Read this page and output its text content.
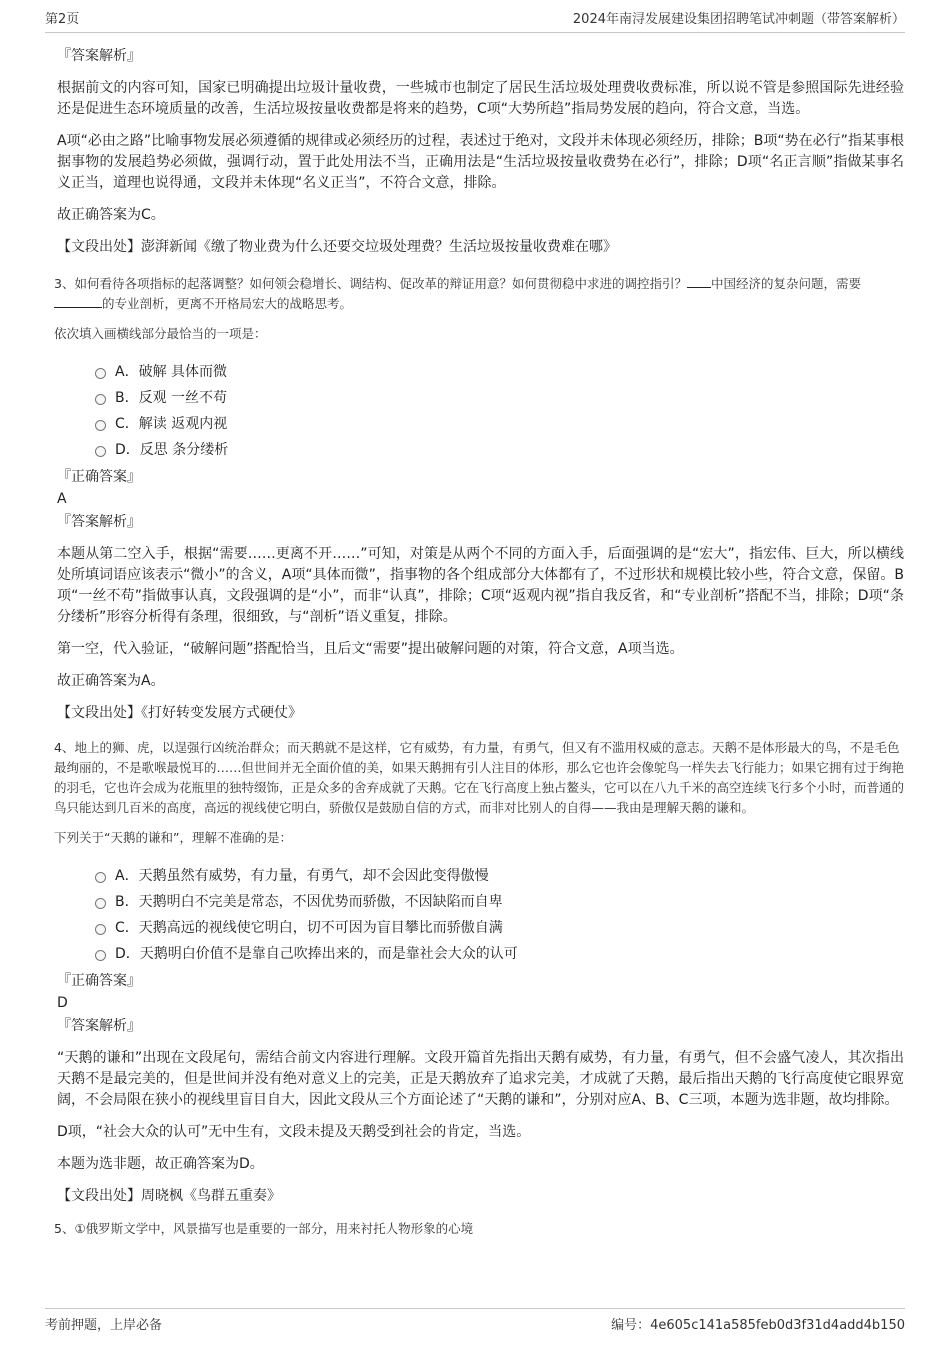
第2页	2024年南浔发展建设集团招聘笔试冲刺题（带答案解析）
『答案解析』

根据前文的内容可知，国家已明确提出垃圾计量收费，一些城市也制定了居民生活垃圾处理费收费标准，所以说不管是参照国际先进经验还是促进生态环境质量的改善，生活垃圾按量收费都是将来的趋势，C项“大势所趋”指局势发展的趋向，符合文意，当选。

A项“必由之路”比喻事物发展必须遵循的规律或必须经历的过程，表述过于绝对，文段并未体现必须经历，排除；B项“势在必行”指某事根据事物的发展趋势必须做，强调行动，置于此处用法不当，正确用法是“生活垃圾按量收费势在必行”，排除；D项“名正言顺”指做某事名义正当，道理也说得通，文段并未体现“名义正当”，不符合文意，排除。

故正确答案为C。

【文段出处】澎湃新闻《缴了物业费为什么还要交垃圾处理费？生活垃圾按量收费难在哪》

3、如何看待各项指标的起落调整？如何领会稳增长、调结构、促改革的辩证用意？如何贯彻稳中求进的调控指引？ 中国经济的复杂问题，需要的专业剖析，更离不开格局宏大的战略思考。

依次填入画横线部分最恰当的一项是：

A． 破解 具体而微
B． 反观 一丝不苟
C． 解读 返观内视
D． 反思 条分缕析
『正确答案』
A
『答案解析』

本题从第二空入手，根据“需要……更离不开……”可知，对策是从两个不同的方面入手，后面强调的是“宏大”，指宏伟、巨大，所以横线处所填词语应该表示“微小”的含义，A项“具体而微”，指事物的各个组成部分大体都有了，不过形状和规模比较小些，符合文意，保留。B项“一丝不苟”指做事认真，文段强调的是“小”，而非“认真”，排除；C项“返观内视”指自我反省，和“专业剖析”搭配不当，排除；D项“条分缕析”形容分析得有条理，很细致，与“剖析”语义重复，排除。

第一空，代入验证，“破解问题”搭配恰当，且后文“需要”提出破解问题的对策，符合文意，A项当选。

故正确答案为A。

【文段出处】《打好转变发展方式硬仗》

4、地上的狮、虎，以逞强行凶统治群众；而天鹅就不是这样，它有威势，有力量，有勇气，但又有不滥用权威的意志。天鹅不是体形最大的鸟，不是毛色最绚丽的，不是歌喉最悦耳的……但世间并无全面价值的美，如果天鹅拥有引人注目的体形，那么它也许会像鸵鸟一样失去飞行能力；如果它拥有过于绚艳的羽毛，它也许会成为花瓶里的独特缀饰，正是众多的舍弃成就了天鹅。它在飞行高度上独占鳌头，它可以在八九千米的高空连续飞行多个小时，而普通的鸟只能达到几百米的高度，高远的视线使它明白，骄傲仅是鼓励自信的方式，而非对比别人的自得——我由是理解天鹅的谦和。

下列关于“天鹅的谦和”，理解不准确的是：

A． 天鹅虽然有威势，有力量，有勇气，却不会因此变得傲慢
B． 天鹅明白不完美是常态，不因优势而骄傲，不因缺陷而自卑
C． 天鹅高远的视线使它明白，切不可因为盲目攀比而骄傲自满
D． 天鹅明白价值不是靠自己吹捧出来的，而是靠社会大众的认可
『正确答案』
D
『答案解析』

“天鹅的谦和”出现在文段尾句，需结合前文内容进行理解。文段开篇首先指出天鹅有威势，有力量，有勇气，但不会盛气凌人，其次指出天鹅不是最完美的，但是世间并没有绝对意义上的完美，正是天鹅放弃了追求完美，才成就了天鹅，最后指出天鹅的飞行高度使它眼界宽阔，不会局限在狭小的视线里盲目自大，因此文段从三个方面论述了“天鹅的谦和”，分别对应A、B、C三项，本题为选非题，故均排除。

D项，“社会大众的认可”无中生有，文段未提及天鹅受到社会的肯定，当选。

本题为选非题，故正确答案为D。

【文段出处】周晓枫《鸟群五重奏》

5、①俄罗斯文学中，风景描写也是重要的一部分，用来衬托人物形象的心境

考前押题，上岸必备	编号：4e605c141a585feb0d3f31d4add4b150
